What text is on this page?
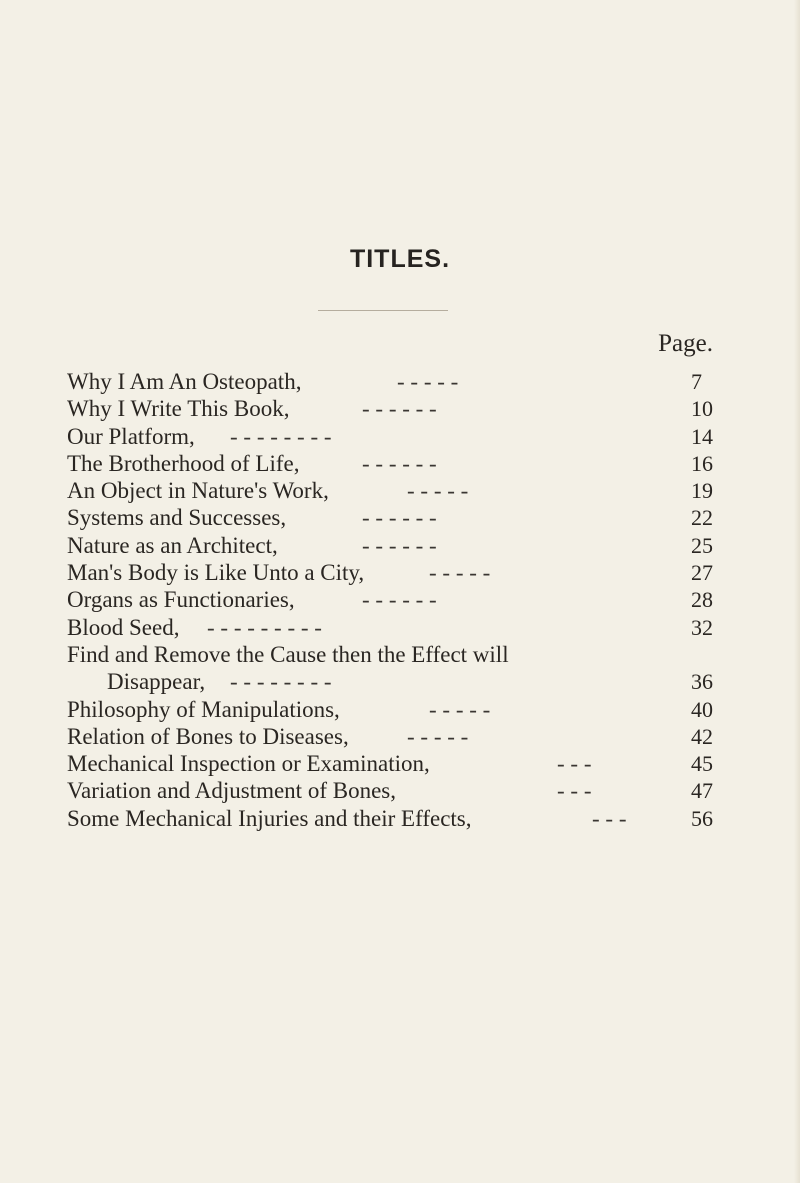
TITLES.
Page.
Why I Am An Osteopath,	- - - - -	7
Why I Write This Book,	- - - - - -	10
Our Platform, - - - - - - - -	14
The Brotherhood of Life,	- - - - - -	16
An Object in Nature's Work,	- - - - -	19
Systems and Successes,	- - - - - -	22
Nature as an Architect,	- - - - - -	25
Man's Body is Like Unto a City,	- - - - -	27
Organs as Functionaries,	- - - - - -	28
Blood Seed, - - - - - - - - -	32
Find and Remove the Cause then the Effect will
Disappear, - - - - - - - -	36
Philosophy of Manipulations,	- - - - -	40
Relation of Bones to Diseases,	- - - - -	42
Mechanical Inspection or Examination,	- - -	45
Variation and Adjustment of Bones,	- - -	47
Some Mechanical Injuries and their Effects,	- - -	56
